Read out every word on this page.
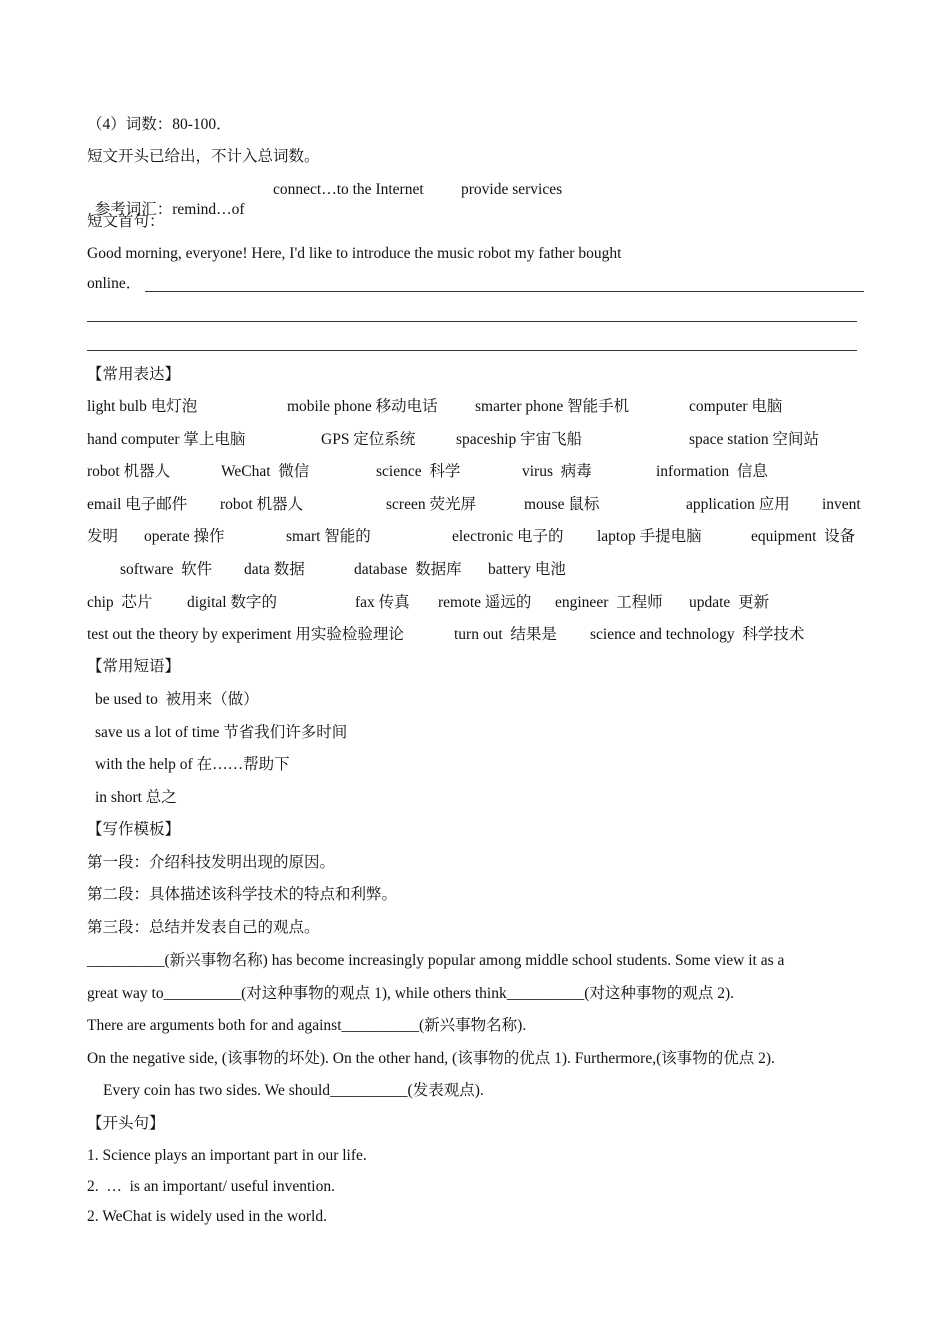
（4）词数：80-100．
短文开头已给出，不计入总词数。

参考词汇：remind…of

connect…to the Internet provide services
短文首句：
Good morning, everyone! Here, I'd like to introduce the music robot my father bought
online．
【常用表达】
light bulb 电灯泡	mobile phone 移动电话 smarter phone 智能手机	computer 电脑
hand computer 掌上电脑	GPS 定位系统	spaceship 宇宙飞船	space station 空间站
robot 机器人	WeChat  微信	science  科学	virus  病毒	information  信息
email 电子邮件 robot 机器人	screen 荧光屏	mouse 鼠标	application 应用 invent
发明 operate 操作	smart 智能的	electronic 电子的 laptop 手提电脑	equipment  设备
software  软件 data 数据	database  数据库 battery 电池
chip  芯片 digital 数字的	fax 传真 remote 遥远的 engineer  工程师 update  更新
test out the theory by experiment 用实验检验理论	turn out  结果是 science and technology  科学技术
【常用短语】
be used to  被用来（做）
save us a lot of time 节省我们许多时间
with the help of 在……帮助下
in short 总之
【写作模板】
第一段：介绍科技发明出现的原因。
第二段：具体描述该科学技术的特点和利弊。
第三段：总结并发表自己的观点。
__________(新兴事物名称) has become increasingly popular among middle school students. Some view it as a
great way to__________(对这种事物的观点 1), while others think__________(对这种事物的观点 2).
There are arguments both for and against__________(新兴事物名称).
On the negative side, (该事物的坏处). On the other hand, (该事物的优点 1). Furthermore,(该事物的优点 2).
Every coin has two sides. We should__________(发表观点).
【开头句】
1. Science plays an important part in our life.
2.  …  is an important/ useful invention.
2. WeChat is widely used in the world.
